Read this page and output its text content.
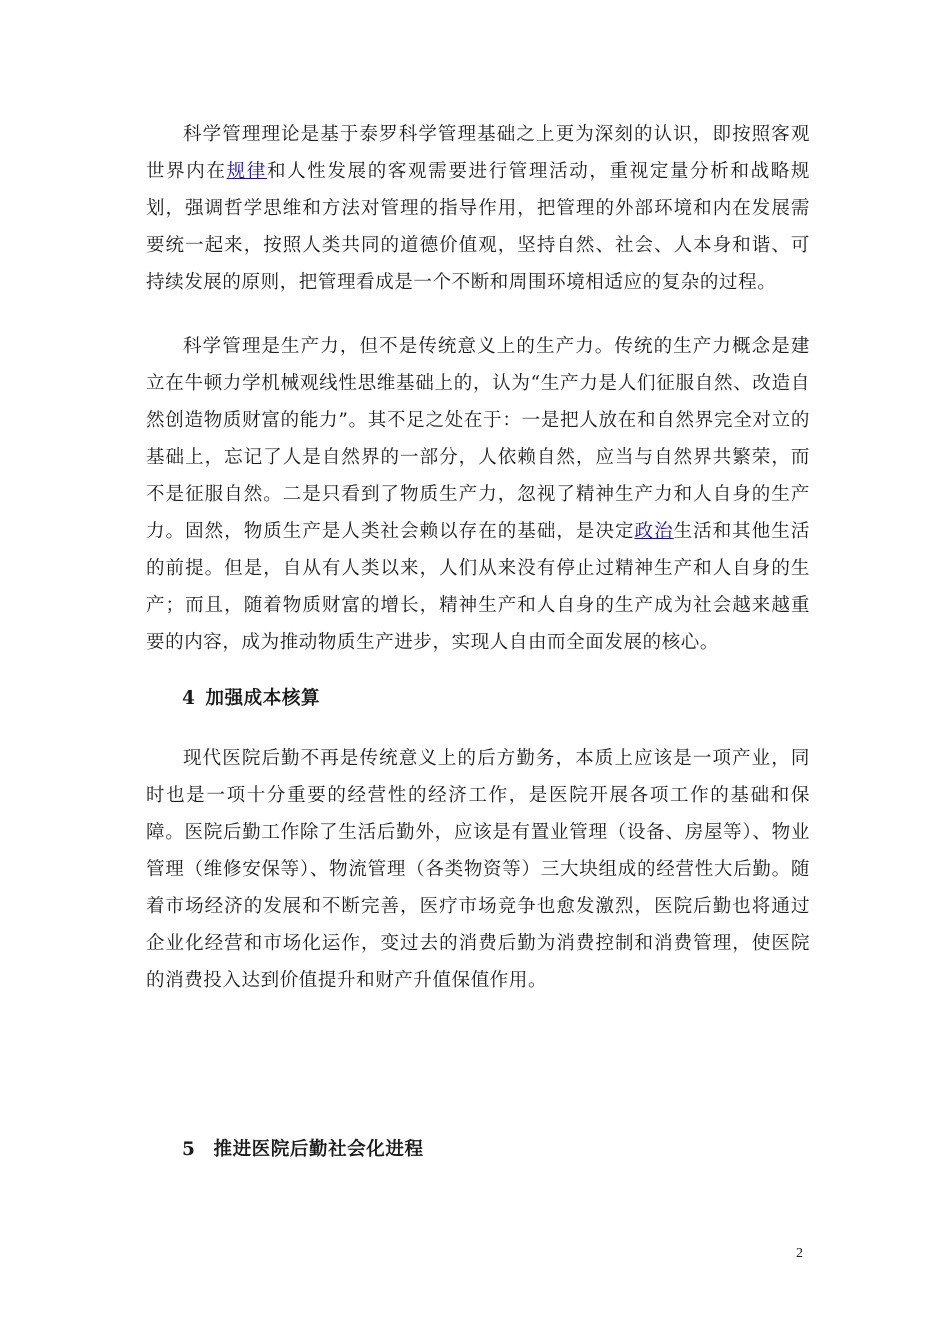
科学管理理论是基于泰罗科学管理基础之上更为深刻的认识，即按照客观世界内在规律和人性发展的客观需要进行管理活动，重视定量分析和战略规划，强调哲学思维和方法对管理的指导作用，把管理的外部环境和内在发展需要统一起来，按照人类共同的道德价值观，坚持自然、社会、人本身和谐、可持续发展的原则，把管理看成是一个不断和周围环境相适应的复杂的过程。

科学管理是生产力，但不是传统意义上的生产力。传统的生产力概念是建立在牛顿力学机械观线性思维基础上的，认为“生产力是人们征服自然、改造自然创造物质财富的能力”。其不足之处在于：一是把人放在和自然界完全对立的基础上，忘记了人是自然界的一部分，人依赖自然，应当与自然界共繁荣，而不是征服自然。二是只看到了物质生产力，忽视了精神生产力和人自身的生产力。固然，物质生产是人类社会赖以存在的基础，是决定政治生活和其他生活的前提。但是，自从有人类以来，人们从来没有停止过精神生产和人自身的生产；而且，随着物质财富的增长，精神生产和人自身的生产成为社会越来越重要的内容，成为推动物质生产进步，实现人自由而全面发展的核心。

4 加强成本核算

现代医院后勤不再是传统意义上的后方勤务，本质上应该是一项产业，同时也是一项十分重要的经营性的经济工作，是医院开展各项工作的基础和保障。医院后勤工作除了生活后勤外，应该是有置业管理（设备、房屋等）、物业管理（维修安保等）、物流管理（各类物资等）三大块组成的经营性大后勤。随着市场经济的发展和不断完善，医疗市场竞争也愈发激烈，医院后勤也将通过企业化经营和市场化运作，变过去的消费后勤为消费控制和消费管理，使医院的消费投入达到价值提升和财产升值保值作用。

5 推进医院后勤社会化进程
2
